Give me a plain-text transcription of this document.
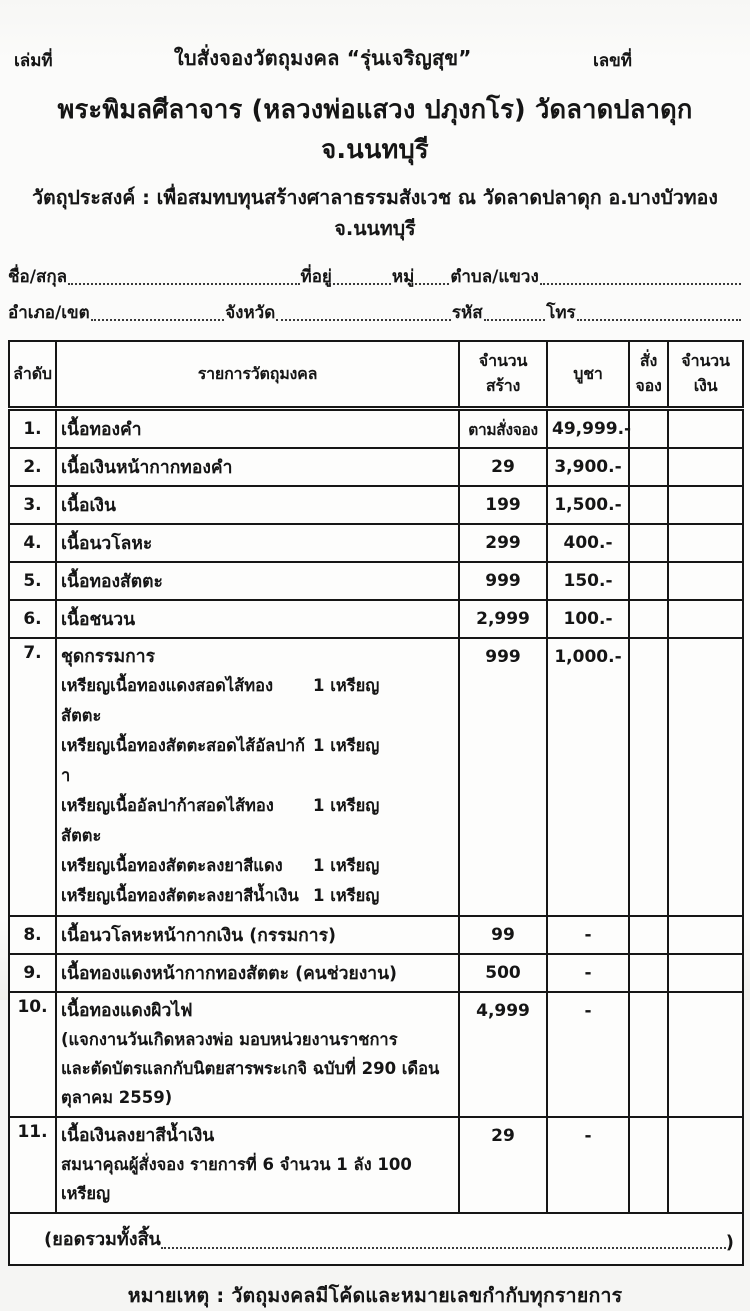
เล่มที่	ใบสั่งจองวัตถุมงคล “รุ่นเจริญสุข”	เลขที่
พระพิมลศีลาจาร (หลวงพ่อแสวง ปภุงกโร) วัดลาดปลาดุก จ.นนทบุรี
วัตถุประสงค์ : เพื่อสมทบทุนสร้างศาลาธรรมสังเวช ณ วัดลาดปลาดุก อ.บางบัวทอง จ.นนทบุรี
ชื่อ/สกุล	ที่อยู่	หมู่ ตำบล/แขวง
อำเภอ/เขต	จังหวัด	รหัส	โทร
ลำดับ	รายการวัตถุมงคล	จำนวนสร้าง	บูชา	สั่งจอง	จำนวนเงิน
1.	เนื้อทองคำ	ตามสั่งจอง	49,999.-		
2.	เนื้อเงินหน้ากากทองคำ	29	3,900.-		
3.	เนื้อเงิน	199	1,500.-		
4.	เนื้อนวโลหะ	299	400.-		
5.	เนื้อทองสัตตะ	999	150.-		
6.	เนื้อชนวน	2,999	100.-		
7.	ชุดกรรมการ
เหรียญเนื้อทองแดงสอดไส้ทองสัตตะ
1 เหรียญ
เหรียญเนื้อทองสัตตะสอดไส้อัลปาก้า
1 เหรียญ
เหรียญเนื้ออัลปาก้าสอดไส้ทองสัตตะ
1 เหรียญ
เหรียญเนื้อทองสัตตะลงยาสีแดง	1 เหรียญ
เหรียญเนื้อทองสัตตะลงยาสีน้ำเงิน 1 เหรียญ
	999	1,000.-		
8.	เนื้อนวโลหะหน้ากากเงิน (กรรมการ)	99	-		
9.	เนื้อทองแดงหน้ากากทองสัตตะ (คนช่วยงาน)	500	-		
10.	เนื้อทองแดงผิวไฟ
(แจกงานวันเกิดหลวงพ่อ มอบหน่วยงานราชการ
และตัดบัตรแลกกับนิตยสารพระเกจิ ฉบับที่ 290 เดือนตุลาคม 2559)	4,999	-		
11.	เนื้อเงินลงยาสีน้ำเงิน
สมนาคุณผู้สั่งจอง รายการที่ 6 จำนวน 1 ลัง 100 เหรียญ	29	-		

(ยอดรวมทั้งสิ้น )					
หมายเหตุ : วัตถุมงคลมีโค้ดและหมายเลขกำกับทุกรายการ
